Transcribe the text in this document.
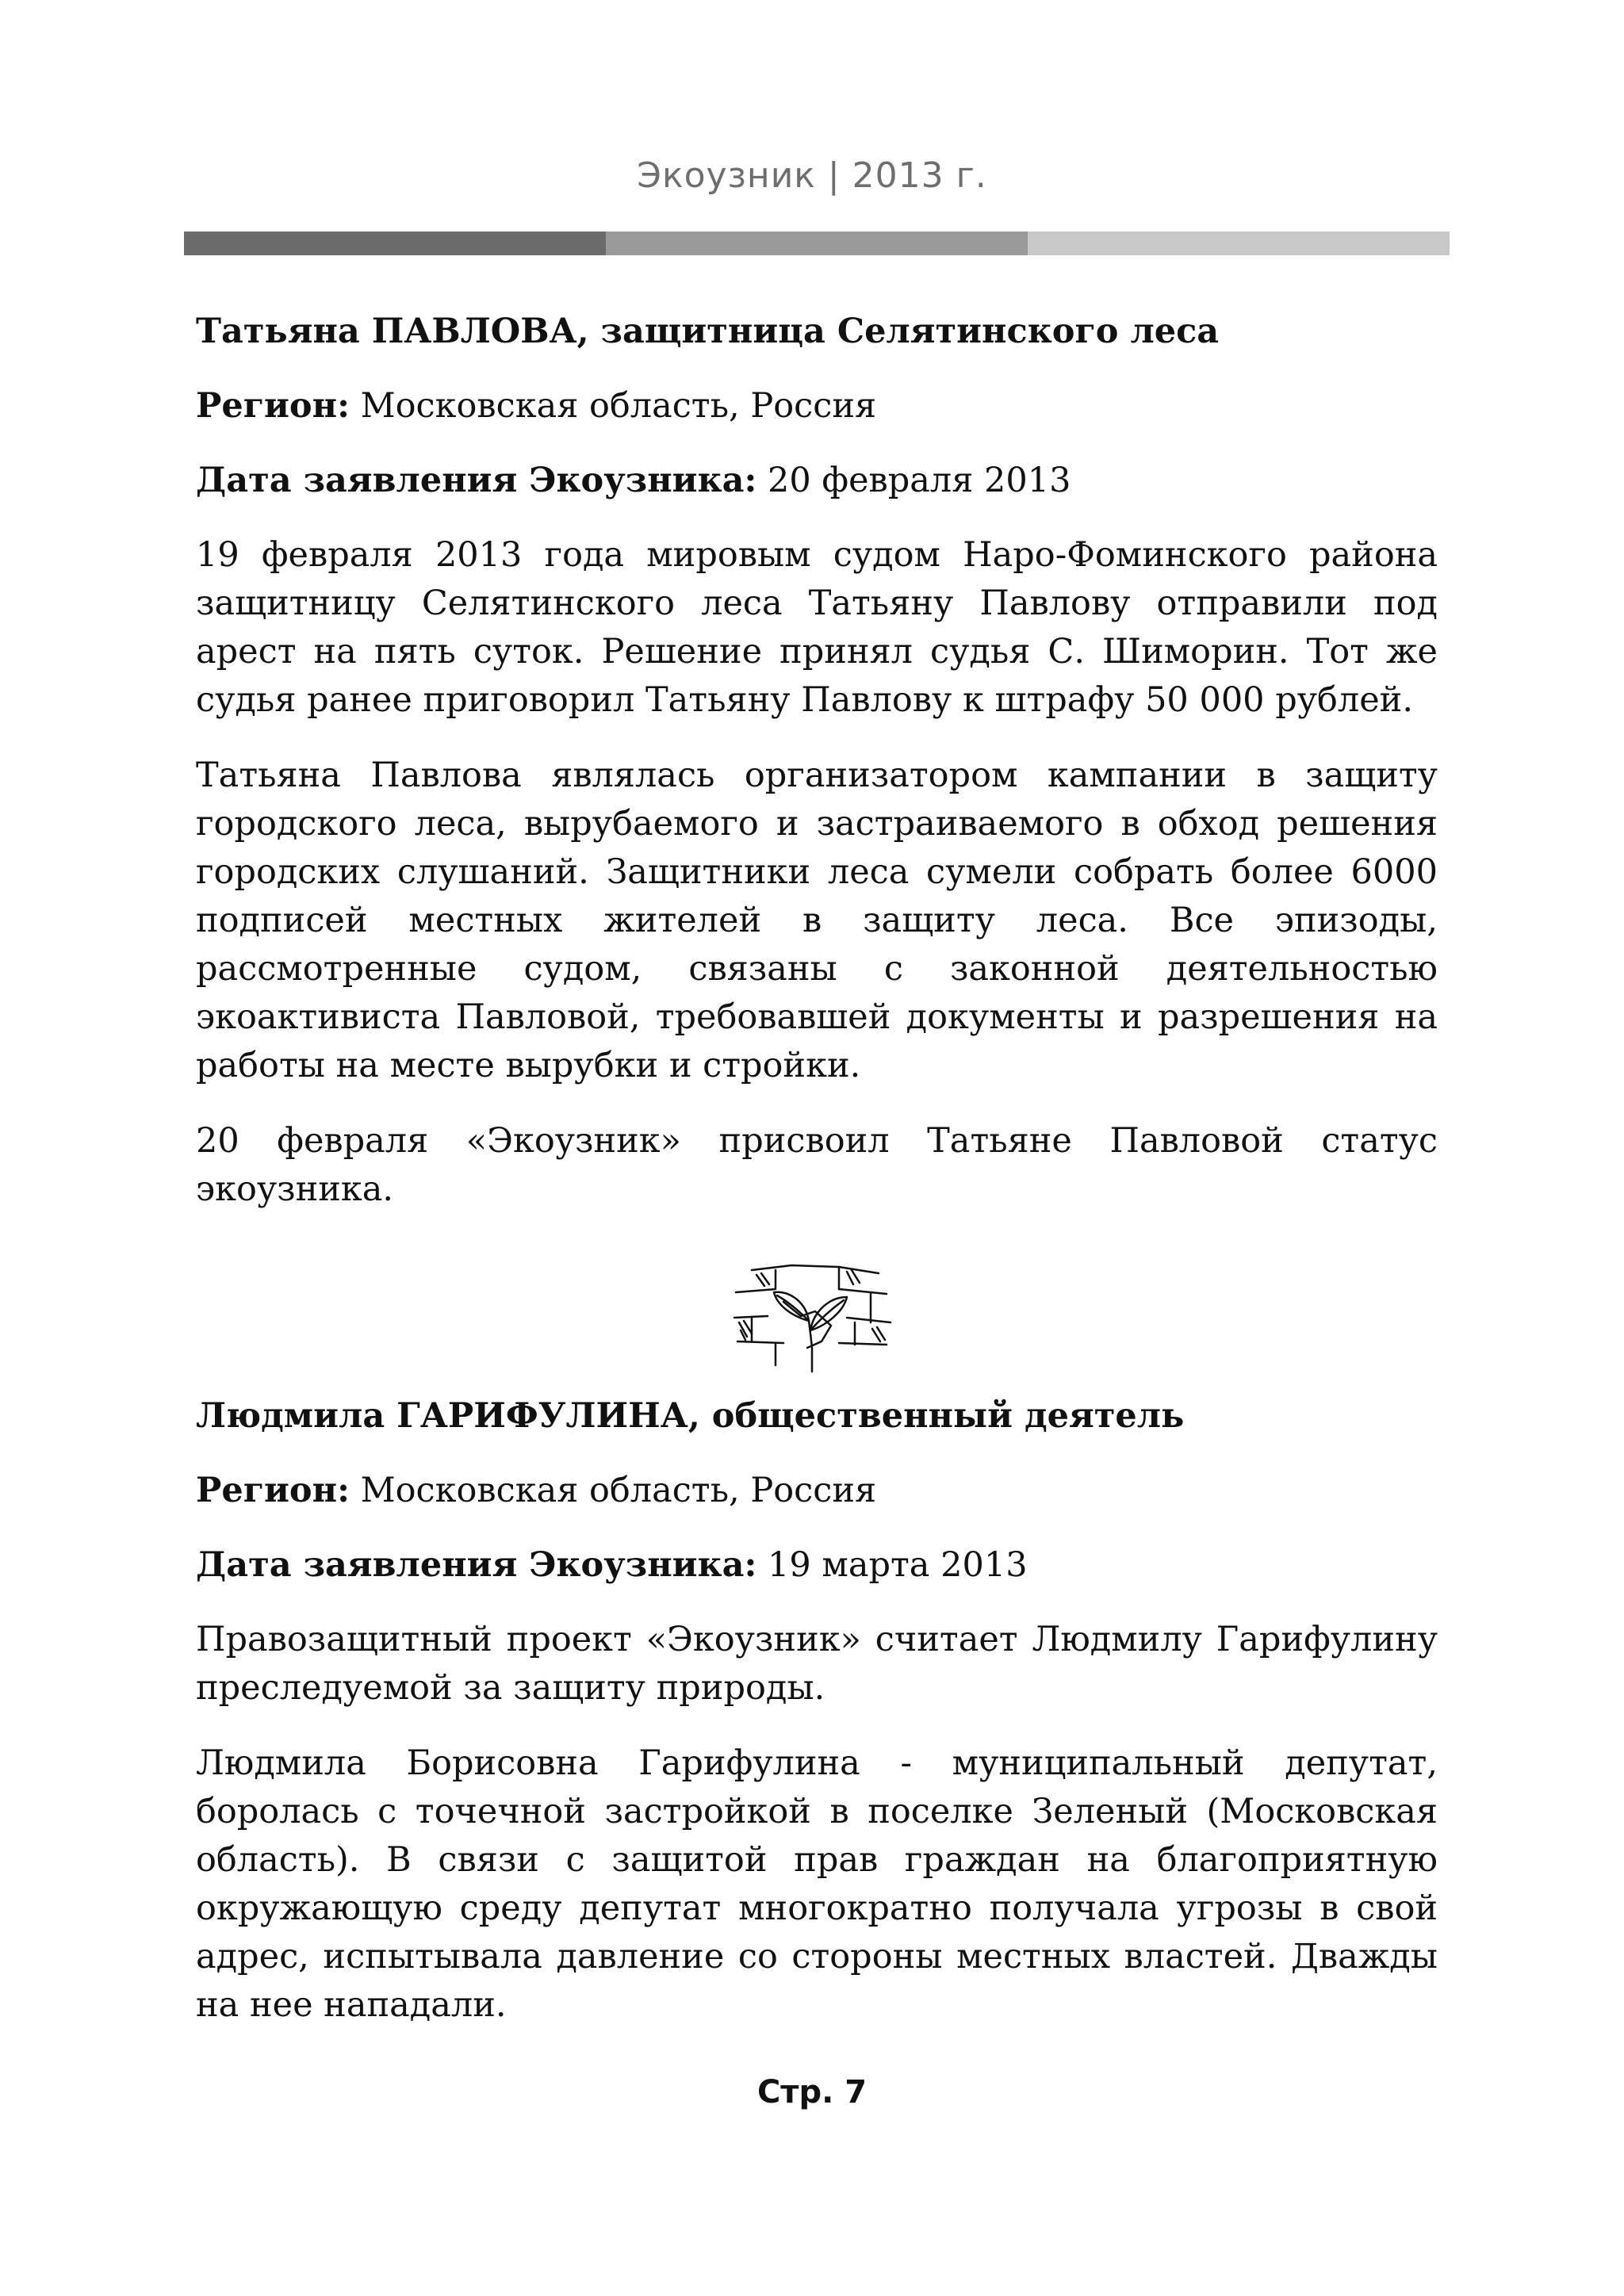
Экоузник | 2013 г.
Татьяна ПАВЛОВА, защитница Селятинского леса
Регион: Московская область, Россия
Дата заявления Экоузника: 20 февраля 2013

19 февраля 2013 года мировым судом Наро-Фоминского района защитницу Селятинского леса Татьяну Павлову отправили под арест на пять суток. Решение принял судья С. Шиморин. Тот же судья ранее приговорил Татьяну Павлову к штрафу 50 000 рублей.

Татьяна Павлова являлась организатором кампании в защиту городского леса, вырубаемого и застраиваемого в обход решения городских слушаний. Защитники леса сумели собрать более 6000 подписей местных жителей в защиту леса. Все эпизоды, рассмотренные судом, связаны с законной деятельностью экоактивиста Павловой, требовавшей документы и разрешения на работы на месте вырубки и стройки.

20 февраля «Экоузник» присвоил Татьяне Павловой статус экоузника.

Людмила ГАРИФУЛИНА, общественный деятель
Регион: Московская область, Россия
Дата заявления Экоузника: 19 марта 2013

Правозащитный проект «Экоузник» считает Людмилу Гарифулину преследуемой за защиту природы.

Людмила Борисовна Гарифулина - муниципальный депутат, боролась с точечной застройкой в поселке Зеленый (Московская область). В связи с защитой прав граждан на благоприятную окружающую среду депутат многократно получала угрозы в свой адрес, испытывала давление со стороны местных властей. Дважды на нее нападали.

Стр. 7
